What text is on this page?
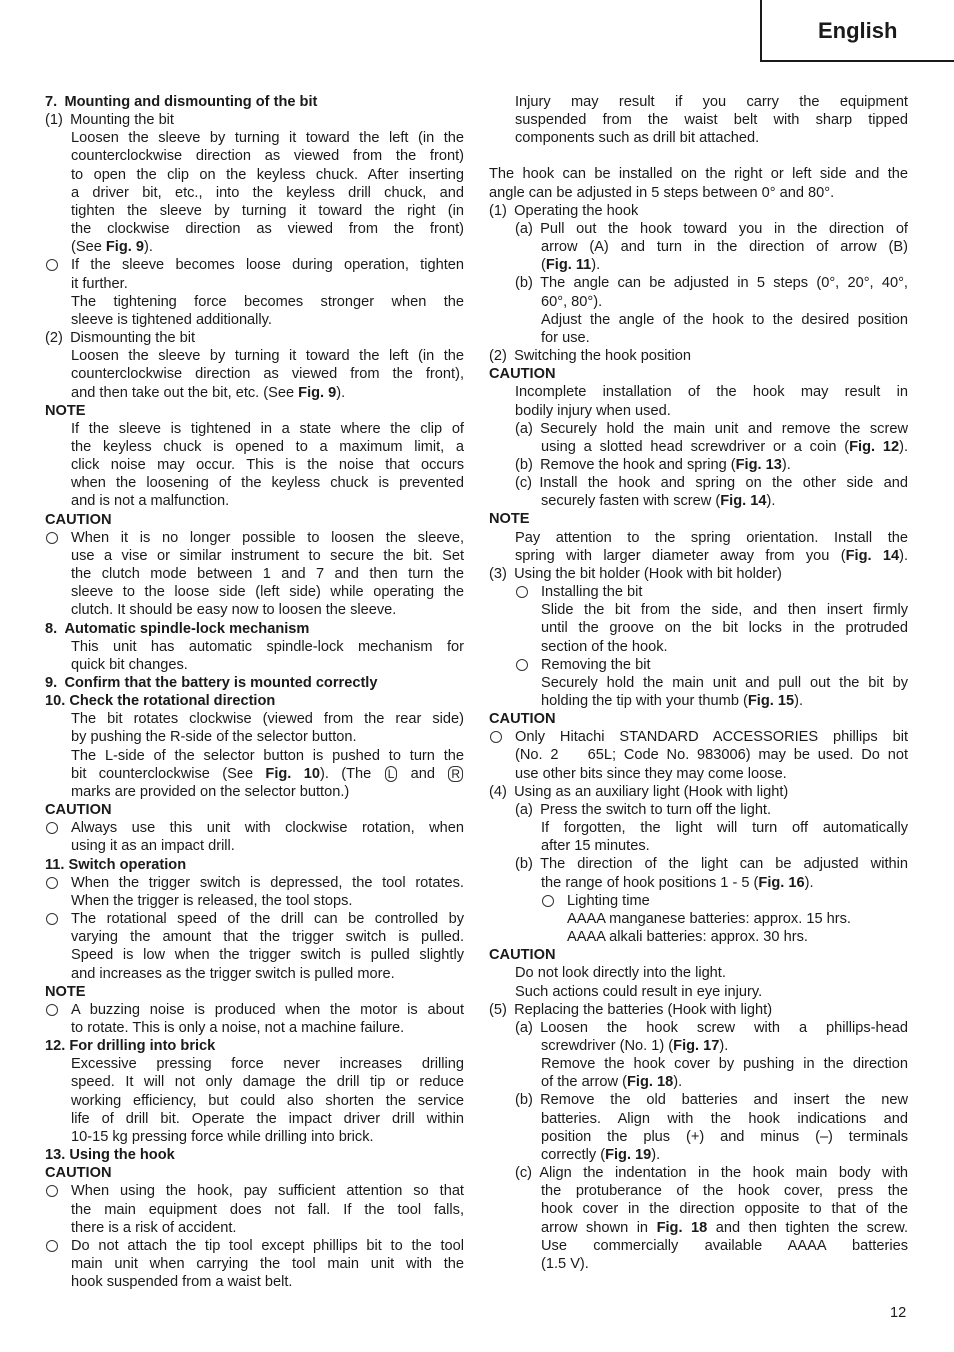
English
7. Mounting and dismounting of the bit
(1) Mounting the bit
Loosen the sleeve by turning it toward the left (in the
counterclockwise direction as viewed from the front)
to open the clip on the keyless chuck. After inserting
a driver bit, etc., into the keyless drill chuck, and
tighten the sleeve by turning it toward the right (in
the clockwise direction as viewed from the front)
(See Fig. 9).
If the sleeve becomes loose during operation, tighten
it further.
The tightening force becomes stronger when the
sleeve is tightened additionally.
(2) Dismounting the bit
Loosen the sleeve by turning it toward the left (in the
counterclockwise direction as viewed from the front),
and then take out the bit, etc. (See Fig. 9).
NOTE
If the sleeve is tightened in a state where the clip of
the keyless chuck is opened to a maximum limit, a
click noise may occur. This is the noise that occurs
when the loosening of the keyless chuck is prevented
and is not a malfunction.
CAUTION
When it is no longer possible to loosen the sleeve,
use a vise or similar instrument to secure the bit. Set
the clutch mode between 1 and 7 and then turn the
sleeve to the loose side (left side) while operating the
clutch. It should be easy now to loosen the sleeve.
8. Automatic spindle-lock mechanism
This unit has automatic spindle-lock mechanism for
quick bit changes.
9. Confirm that the battery is mounted correctly
10. Check the rotational direction
The bit rotates clockwise (viewed from the rear side)
by pushing the R-side of the selector button.
The L-side of the selector button is pushed to turn the
bit counterclockwise (See Fig. 10). (The L and R
marks are provided on the selector button.)
CAUTION
Always use this unit with clockwise rotation, when
using it as an impact drill.
11. Switch operation
When the trigger switch is depressed, the tool rotates.
When the trigger is released, the tool stops.
The rotational speed of the drill can be controlled by
varying the amount that the trigger switch is pulled.
Speed is low when the trigger switch is pulled slightly
and increases as the trigger switch is pulled more.
NOTE
A buzzing noise is produced when the motor is about
to rotate. This is only a noise, not a machine failure.
12. For drilling into brick
Excessive pressing force never increases drilling
speed. It will not only damage the drill tip or reduce
working efficiency, but could also shorten the service
life of drill bit. Operate the impact driver drill within
10-15 kg pressing force while drilling into brick.
13. Using the hook
CAUTION
When using the hook, pay sufficient attention so that
the main equipment does not fall. If the tool falls,
there is a risk of accident.
Do not attach the tip tool except phillips bit to the tool
main unit when carrying the tool main unit with the
hook suspended from a waist belt.
Injury may result if you carry the equipment
suspended from the waist belt with sharp tipped
components such as drill bit attached.
The hook can be installed on the right or left side and the
angle can be adjusted in 5 steps between 0° and 80°.
(1) Operating the hook
(a) Pull out the hook toward you in the direction of
arrow (A) and turn in the direction of arrow (B)
(Fig. 11).
(b) The angle can be adjusted in 5 steps (0°, 20°, 40°,
60°, 80°).
Adjust the angle of the hook to the desired position
for use.
(2) Switching the hook position
CAUTION
Incomplete installation of the hook may result in
bodily injury when used.
(a) Securely hold the main unit and remove the screw
using a slotted head screwdriver or a coin (Fig. 12).
(b) Remove the hook and spring (Fig. 13).
(c) Install the hook and spring on the other side and
securely fasten with screw (Fig. 14).
NOTE
Pay attention to the spring orientation. Install the
spring with larger diameter away from you (Fig. 14).
(3) Using the bit holder (Hook with bit holder)
Installing the bit
Slide the bit from the side, and then insert firmly
until the groove on the bit locks in the protruded
section of the hook.
Removing the bit
Securely hold the main unit and pull out the bit by
holding the tip with your thumb (Fig. 15).
CAUTION
Only Hitachi STANDARD ACCESSORIES phillips bit
(No. 2  65L; Code No. 983006) may be used. Do not
use other bits since they may come loose.
(4) Using as an auxiliary light (Hook with light)
(a) Press the switch to turn off the light.
If forgotten, the light will turn off automatically
after 15 minutes.
(b) The direction of the light can be adjusted within
the range of hook positions 1 - 5 (Fig. 16).
Lighting time
AAAA manganese batteries: approx. 15 hrs.
AAAA alkali batteries: approx. 30 hrs.
CAUTION
Do not look directly into the light.
Such actions could result in eye injury.
(5) Replacing the batteries (Hook with light)
(a) Loosen the hook screw with a phillips-head
screwdriver (No. 1) (Fig. 17).
Remove the hook cover by pushing in the direction
of the arrow (Fig. 18).
(b) Remove the old batteries and insert the new
batteries. Align with the hook indications and
position the plus (+) and minus (–) terminals
correctly (Fig. 19).
(c) Align the indentation in the hook main body with
the protuberance of the hook cover, press the
hook cover in the direction opposite to that of the
arrow shown in Fig. 18 and then tighten the screw.
Use commercially available AAAA batteries
(1.5 V).
12
